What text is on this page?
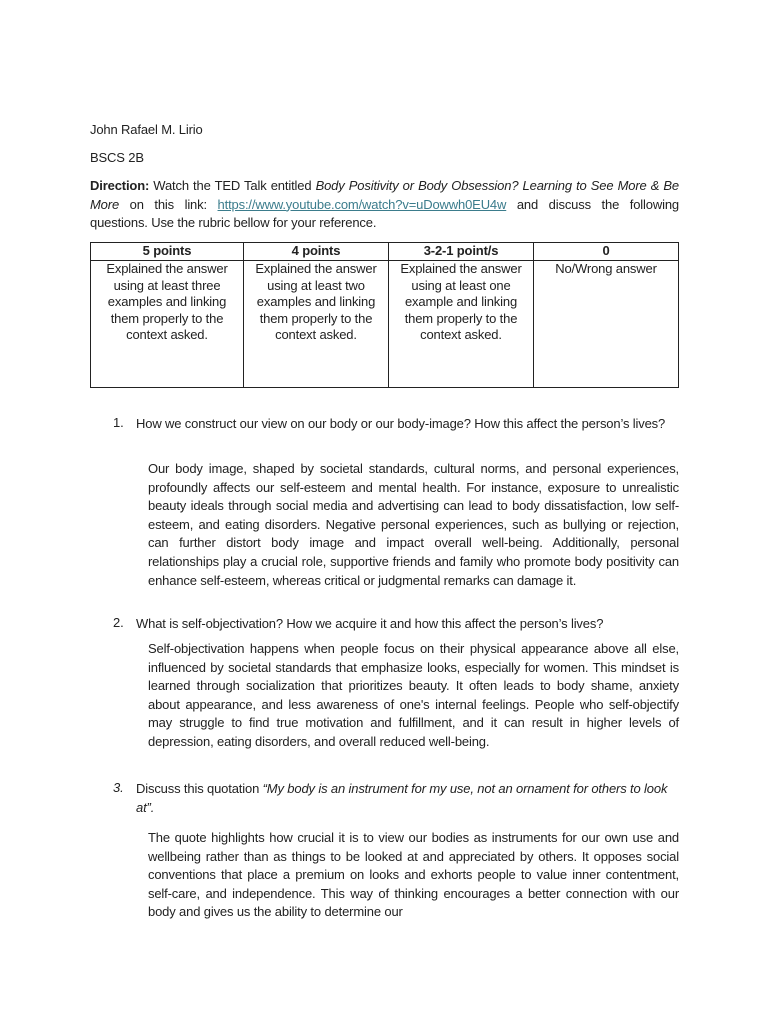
John Rafael M. Lirio
BSCS 2B
Direction: Watch the TED Talk entitled Body Positivity or Body Obsession? Learning to See More & Be More on this link: https://www.youtube.com/watch?v=uDowwh0EU4w and discuss the following questions. Use the rubric bellow for your reference.
5 points	4 points	3-2-1 point/s	0
Explained the answer using at least three examples and linking them properly to the context asked.	Explained the answer using at least two examples and linking them properly to the context asked.	Explained the answer using at least one example and linking them properly to the context asked.	No/Wrong answer
1. How we construct our view on our body or our body-image? How this affect the person’s lives?
Our body image, shaped by societal standards, cultural norms, and personal experiences, profoundly affects our self-esteem and mental health. For instance, exposure to unrealistic beauty ideals through social media and advertising can lead to body dissatisfaction, low self-esteem, and eating disorders. Negative personal experiences, such as bullying or rejection, can further distort body image and impact overall well-being. Additionally, personal relationships play a crucial role, supportive friends and family who promote body positivity can enhance self-esteem, whereas critical or judgmental remarks can damage it.
2. What is self-objectivation? How we acquire it and how this affect the person’s lives?
Self-objectivation happens when people focus on their physical appearance above all else, influenced by societal standards that emphasize looks, especially for women. This mindset is learned through socialization that prioritizes beauty. It often leads to body shame, anxiety about appearance, and less awareness of one's internal feelings. People who self-objectify may struggle to find true motivation and fulfillment, and it can result in higher levels of depression, eating disorders, and overall reduced well-being.
3. Discuss this quotation “My body is an instrument for my use, not an ornament for others to look at”.
The quote highlights how crucial it is to view our bodies as instruments for our own use and wellbeing rather than as things to be looked at and appreciated by others. It opposes social conventions that place a premium on looks and exhorts people to value inner contentment, self-care, and independence. This way of thinking encourages a better connection with our body and gives us the ability to determine our
